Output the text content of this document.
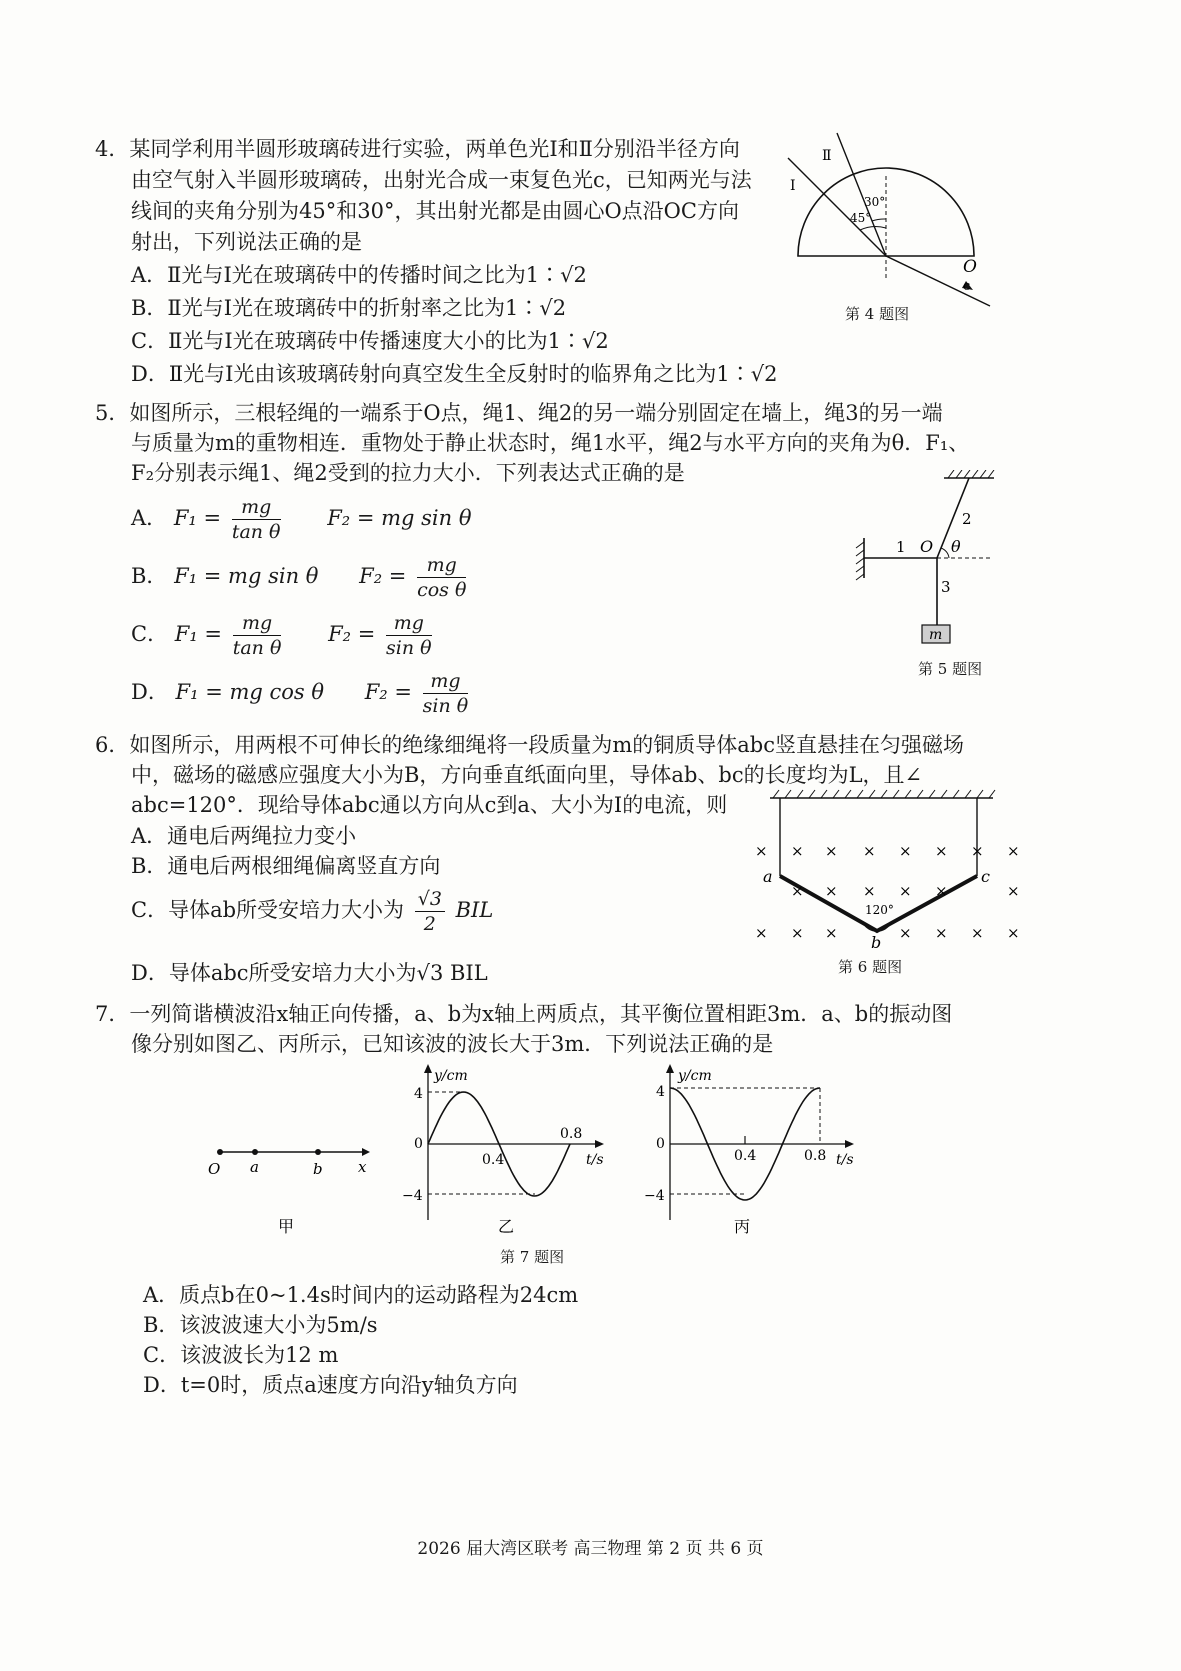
4．某同学利用半圆形玻璃砖进行实验，两单色光Ⅰ和Ⅱ分别沿半径方向
由空气射入半圆形玻璃砖，出射光合成一束复色光c，已知两光与法
线间的夹角分别为45°和30°，其出射光都是由圆心O点沿OC方向
射出，下列说法正确的是
A．Ⅱ光与Ⅰ光在玻璃砖中的传播时间之比为1∶√2
B．Ⅱ光与Ⅰ光在玻璃砖中的折射率之比为1∶√2
C．Ⅱ光与Ⅰ光在玻璃砖中传播速度大小的比为1∶√2
D．Ⅱ光与Ⅰ光由该玻璃砖射向真空发生全反射时的临界角之比为1∶√2
Ⅰ
Ⅱ
30°
45°
O
c
第 4 题图
5．如图所示，三根轻绳的一端系于O点，绳1、绳2的另一端分别固定在墙上，绳3的另一端
与质量为m的重物相连．重物处于静止状态时，绳1水平，绳2与水平方向的夹角为θ．F₁、
F₂分别表示绳1、绳2受到的拉力大小．下列表达式正确的是
A． $F_1 = \frac{mg}{\text{tan θ}} F_2$ = mg sin θ
B． F₁ = mg sin θ $F_2 = \frac{mg}{\text{cos θ}}$
C． $F_1 = \frac{mg}{\text{tan θ}} F_2 = \frac{mg}{\text{sin θ}}$
D． F₁ = mg cos θ $F_2 = \frac{mg}{\text{sin θ}}$
1
2
3
O θ
m
第 5 题图
6．如图所示，用两根不可伸长的绝缘细绳将一段质量为m的铜质导体abc竖直悬挂在匀强磁场
中，磁场的磁感应强度大小为B，方向垂直纸面向里，导体ab、bc的长度均为L，且∠
abc=120°．现给导体abc通以方向从c到a、大小为I的电流，则
A．通电后两绳拉力变小
B．通电后两根细绳偏离竖直方向
C．导体ab所受安培力大小为 $\frac{√3}{2}$ BIL
D．导体abc所受安培力大小为√3 BIL
× × × × × × × ×
× × × × ×	×
× × ×	× × × ×
a	c
b
120°
第 6 题图
7．一列简谐横波沿x轴正向传播，a、b为x轴上两质点，其平衡位置相距3m．a、b的振动图
像分别如图乙、丙所示，已知该波的波长大于3m．下列说法正确的是
O a	b x
甲
y/cm
t/s
4
0
−4
0.4
0.8
乙
y/cm
t/s
4
0
−4
0.4	0.8
丙
第 7 题图
A．质点b在0~1.4s时间内的运动路程为24cm
B．该波波速大小为5m/s
C．该波波长为12 m
D．t=0时，质点a速度方向沿y轴负方向
2026 届大湾区联考 高三物理 第 2 页 共 6 页
